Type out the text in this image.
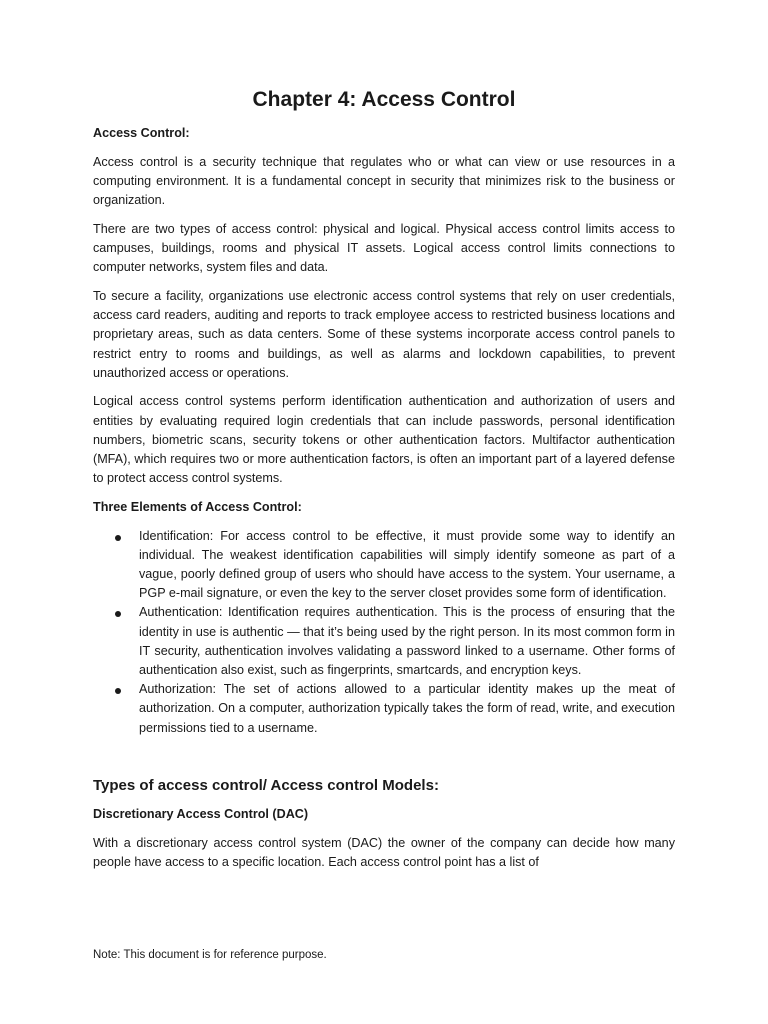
Chapter 4: Access Control
Access Control:

Access control is a security technique that regulates who or what can view or use resources in a computing environment. It is a fundamental concept in security that minimizes risk to the business or organization.

There are two types of access control: physical and logical. Physical access control limits access to campuses, buildings, rooms and physical IT assets. Logical access control limits connections to computer networks, system files and data.

To secure a facility, organizations use electronic access control systems that rely on user credentials, access card readers, auditing and reports to track employee access to restricted business locations and proprietary areas, such as data centers. Some of these systems incorporate access control panels to restrict entry to rooms and buildings, as well as alarms and lockdown capabilities, to prevent unauthorized access or operations.

Logical access control systems perform identification authentication and authorization of users and entities by evaluating required login credentials that can include passwords, personal identification numbers, biometric scans, security tokens or other authentication factors. Multifactor authentication (MFA), which requires two or more authentication factors, is often an important part of a layered defense to protect access control systems.

Three Elements of Access Control:
Identification: For access control to be effective, it must provide some way to identify an individual. The weakest identification capabilities will simply identify someone as part of a vague, poorly defined group of users who should have access to the system. Your username, a PGP e-mail signature, or even the key to the server closet provides some form of identification.
Authentication: Identification requires authentication. This is the process of ensuring that the identity in use is authentic — that it’s being used by the right person. In its most common form in IT security, authentication involves validating a password linked to a username. Other forms of authentication also exist, such as fingerprints, smartcards, and encryption keys.
Authorization: The set of actions allowed to a particular identity makes up the meat of authorization. On a computer, authorization typically takes the form of read, write, and execution permissions tied to a username.
Types of access control/ Access control Models:
Discretionary Access Control (DAC)

With a discretionary access control system (DAC) the owner of the company can decide how many people have access to a specific location. Each access control point has a list of

Note: This document is for reference purpose.
